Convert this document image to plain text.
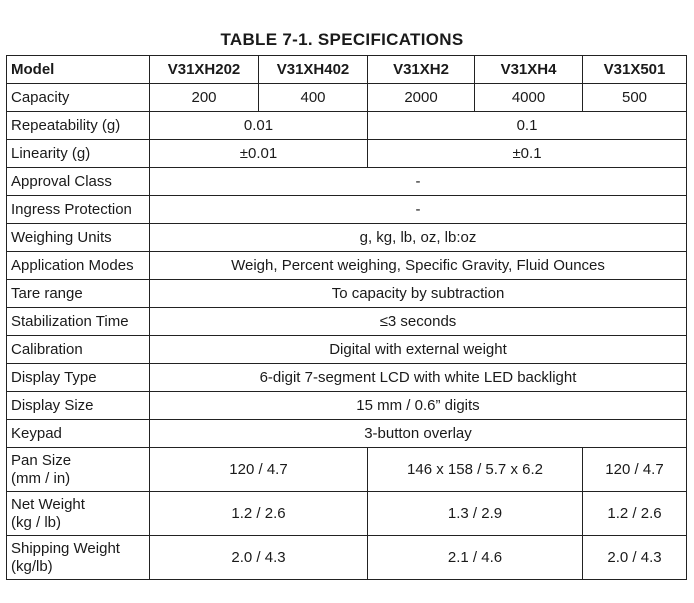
TABLE 7-1. SPECIFICATIONS
Model	V31XH202	V31XH402	V31XH2	V31XH4	V31X501
Capacity	200	400	2000	4000	500
Repeatability (g)	0.01		0.1		
Linearity (g)	±0.01		±0.1		
Approval Class	-				
Ingress Protection	-				
Weighing Units	g, kg, lb, oz, lb:oz				
Application Modes	Weigh, Percent weighing, Specific Gravity, Fluid Ounces				
Tare range	To capacity by subtraction				
Stabilization Time	≤3 seconds				
Calibration	Digital with external weight				
Display Type	6-digit 7-segment LCD with white LED backlight				
Display Size	15 mm / 0.6” digits				
Keypad	3-button overlay				

Pan Size
(mm / in)	120 / 4.7		146 x 158 / 5.7 x 6.2		120 / 4.7

Net Weight
(kg / lb)	1.2 / 2.6		1.3 / 2.9		1.2 / 2.6

Shipping Weight
(kg/lb)	2.0 / 4.3		2.1 / 4.6		2.0 / 4.3
